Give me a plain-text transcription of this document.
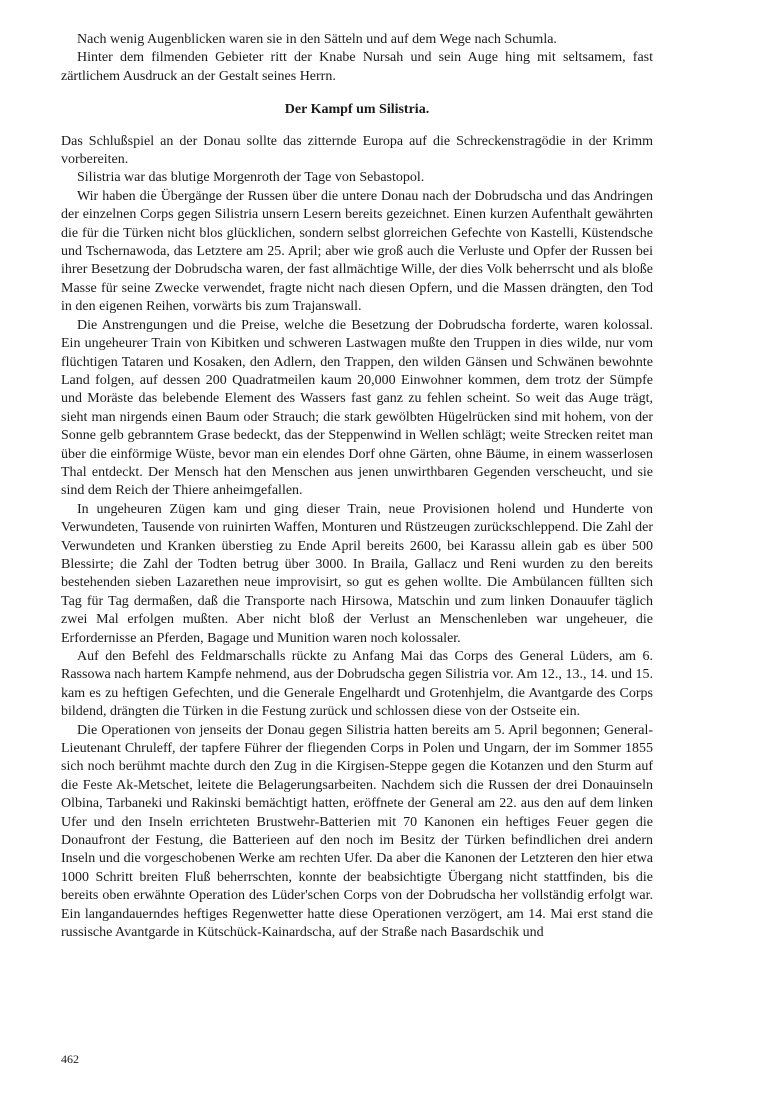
Nach wenig Augenblicken waren sie in den Sätteln und auf dem Wege nach Schumla.

Hinter dem filmenden Gebieter ritt der Knabe Nursah und sein Auge hing mit seltsamem, fast zärtlichem Ausdruck an der Gestalt seines Herrn.

Der Kampf um Silistria.

Das Schlußspiel an der Donau sollte das zitternde Europa auf die Schreckenstragödie in der Krimm vorbereiten.

Silistria war das blutige Morgenroth der Tage von Sebastopol.

Wir haben die Übergänge der Russen über die untere Donau nach der Dobrudscha und das Andringen der einzelnen Corps gegen Silistria unsern Lesern bereits gezeichnet. Einen kurzen Aufenthalt gewährten die für die Türken nicht blos glücklichen, sondern selbst glorreichen Gefechte von Kastelli, Küstendsche und Tschernawoda, das Letztere am 25. April; aber wie groß auch die Verluste und Opfer der Russen bei ihrer Besetzung der Dobrudscha waren, der fast allmächtige Wille, der dies Volk beherrscht und als bloße Masse für seine Zwecke verwendet, fragte nicht nach diesen Opfern, und die Massen drängten, den Tod in den eigenen Reihen, vorwärts bis zum Trajanswall.

Die Anstrengungen und die Preise, welche die Besetzung der Dobrudscha forderte, waren kolossal. Ein ungeheurer Train von Kibitken und schweren Lastwagen mußte den Truppen in dies wilde, nur vom flüchtigen Tataren und Kosaken, den Adlern, den Trappen, den wilden Gänsen und Schwänen bewohnte Land folgen, auf dessen 200 Quadratmeilen kaum 20,000 Einwohner kommen, dem trotz der Sümpfe und Moräste das belebende Element des Wassers fast ganz zu fehlen scheint. So weit das Auge trägt, sieht man nirgends einen Baum oder Strauch; die stark gewölbten Hügelrücken sind mit hohem, von der Sonne gelb gebranntem Grase bedeckt, das der Steppenwind in Wellen schlägt; weite Strecken reitet man über die einförmige Wüste, bevor man ein elendes Dorf ohne Gärten, ohne Bäume, in einem wasserlosen Thal entdeckt. Der Mensch hat den Menschen aus jenen unwirthbaren Gegenden verscheucht, und sie sind dem Reich der Thiere anheimgefallen.

In ungeheuren Zügen kam und ging dieser Train, neue Provisionen holend und Hunderte von Verwundeten, Tausende von ruinirten Waffen, Monturen und Rüstzeugen zurückschleppend. Die Zahl der Verwundeten und Kranken überstieg zu Ende April bereits 2600, bei Karassu allein gab es über 500 Blessirte; die Zahl der Todten betrug über 3000. In Braila, Gallacz und Reni wurden zu den bereits bestehenden sieben Lazarethen neue improvisirt, so gut es gehen wollte. Die Ambülancen füllten sich Tag für Tag dermaßen, daß die Transporte nach Hirsowa, Matschin und zum linken Donauufer täglich zwei Mal erfolgen mußten. Aber nicht bloß der Verlust an Menschenleben war ungeheuer, die Erfordernisse an Pferden, Bagage und Munition waren noch kolossaler.

Auf den Befehl des Feldmarschalls rückte zu Anfang Mai das Corps des General Lüders, am 6. Rassowa nach hartem Kampfe nehmend, aus der Dobrudscha gegen Silistria vor. Am 12., 13., 14. und 15. kam es zu heftigen Gefechten, und die Generale Engelhardt und Grotenhjelm, die Avantgarde des Corps bildend, drängten die Türken in die Festung zurück und schlossen diese von der Ostseite ein.

Die Operationen von jenseits der Donau gegen Silistria hatten bereits am 5. April begonnen; General-Lieutenant Chruleff, der tapfere Führer der fliegenden Corps in Polen und Ungarn, der im Sommer 1855 sich noch berühmt machte durch den Zug in die Kirgisen-Steppe gegen die Kotanzen und den Sturm auf die Feste Ak-Metschet, leitete die Belagerungsarbeiten. Nachdem sich die Russen der drei Donauinseln Olbina, Tarbaneki und Rakinski bemächtigt hatten, eröffnete der General am 22. aus den auf dem linken Ufer und den Inseln errichteten Brustwehr-Batterien mit 70 Kanonen ein heftiges Feuer gegen die Donaufront der Festung, die Batterieen auf den noch im Besitz der Türken befindlichen drei andern Inseln und die vorgeschobenen Werke am rechten Ufer. Da aber die Kanonen der Letzteren den hier etwa 1000 Schritt breiten Fluß beherrschten, konnte der beabsichtigte Übergang nicht stattfinden, bis die bereits oben erwähnte Operation des Lüder'schen Corps von der Dobrudscha her vollständig erfolgt war. Ein langandauerndes heftiges Regenwetter hatte diese Operationen verzögert, am 14. Mai erst stand die russische Avantgarde in Kütschück-Kainardscha, auf der Straße nach Basardschik und

462
